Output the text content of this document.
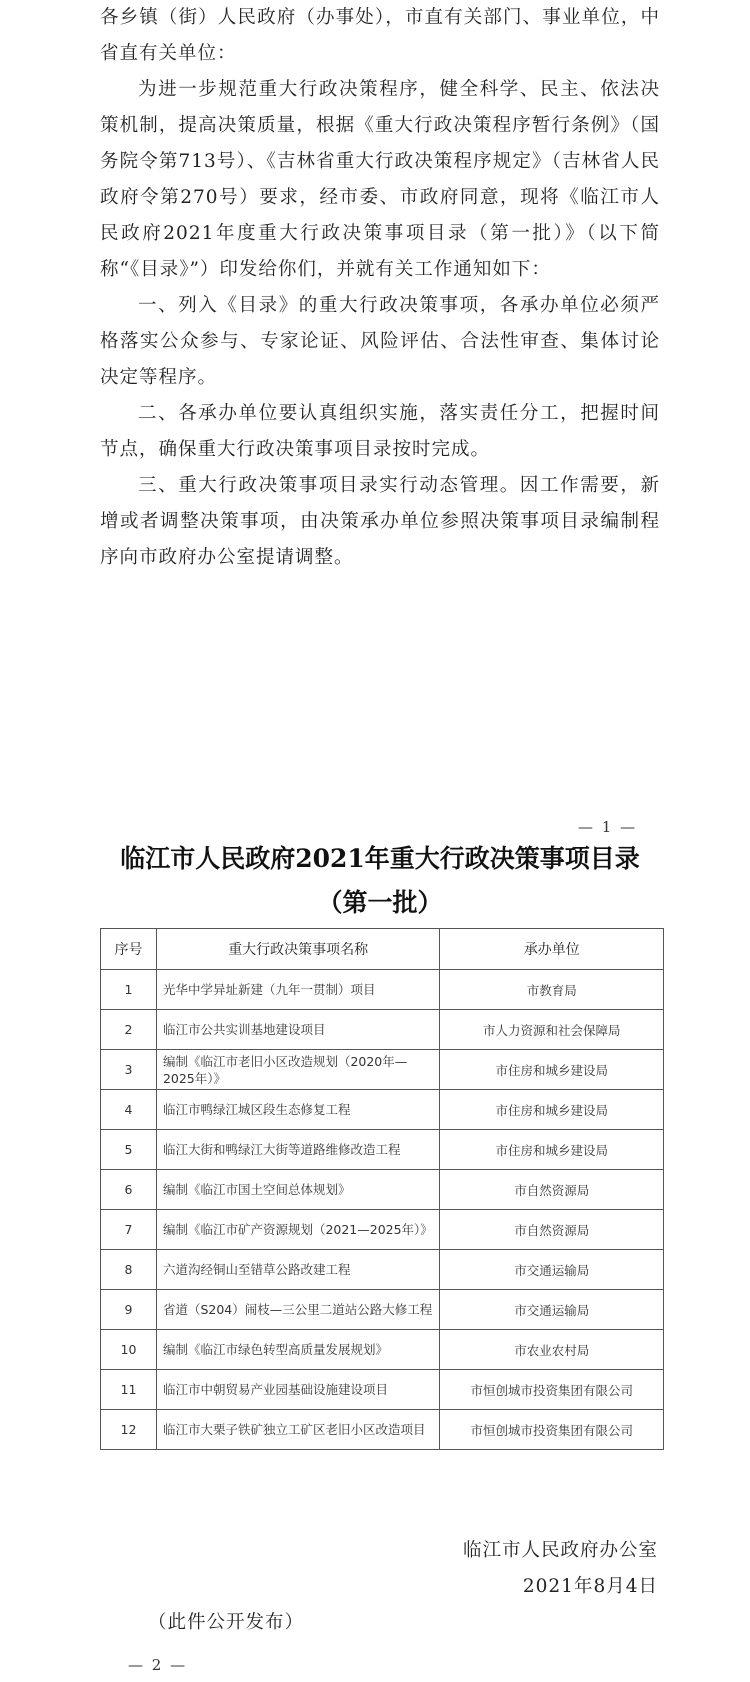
各乡镇（街）人民政府（办事处），市直有关部门、事业单位，中省直有关单位：

为进一步规范重大行政决策程序，健全科学、民主、依法决策机制，提高决策质量，根据《重大行政决策程序暂行条例》（国务院令第713号）、《吉林省重大行政决策程序规定》（吉林省人民政府令第270号）要求，经市委、市政府同意，现将《临江市人民政府2021年度重大行政决策事项目录（第一批）》（以下简称“《目录》”）印发给你们，并就有关工作通知如下：

一、列入《目录》的重大行政决策事项，各承办单位必须严格落实公众参与、专家论证、风险评估、合法性审查、集体讨论决定等程序。

二、各承办单位要认真组织实施，落实责任分工，把握时间节点，确保重大行政决策事项目录按时完成。

三、重大行政决策事项目录实行动态管理。因工作需要，新增或者调整决策事项，由决策承办单位参照决策事项目录编制程序向市政府办公室提请调整。

— 1 —
临江市人民政府2021年重大行政决策事项目录
（第一批）
序号	重大行政决策事项名称	承办单位
1	光华中学异址新建（九年一贯制）项目	市教育局
2	临江市公共实训基地建设项目	市人力资源和社会保障局
3	编制《临江市老旧小区改造规划（2020年—2025年）》	市住房和城乡建设局
4	临江市鸭绿江城区段生态修复工程	市住房和城乡建设局
5	临江大街和鸭绿江大街等道路维修改造工程	市住房和城乡建设局
6	编制《临江市国土空间总体规划》	市自然资源局
7	编制《临江市矿产资源规划（2021—2025年）》	市自然资源局
8	六道沟经铜山至错草公路改建工程	市交通运输局
9	省道（S204）闹枝—三公里二道站公路大修工程	市交通运输局
10	编制《临江市绿色转型高质量发展规划》	市农业农村局
11	临江市中朝贸易产业园基础设施建设项目	市恒创城市投资集团有限公司
12	临江市大栗子铁矿独立工矿区老旧小区改造项目	市恒创城市投资集团有限公司
临江市人民政府办公室
2021年8月4日
（此件公开发布）
— 2 —
